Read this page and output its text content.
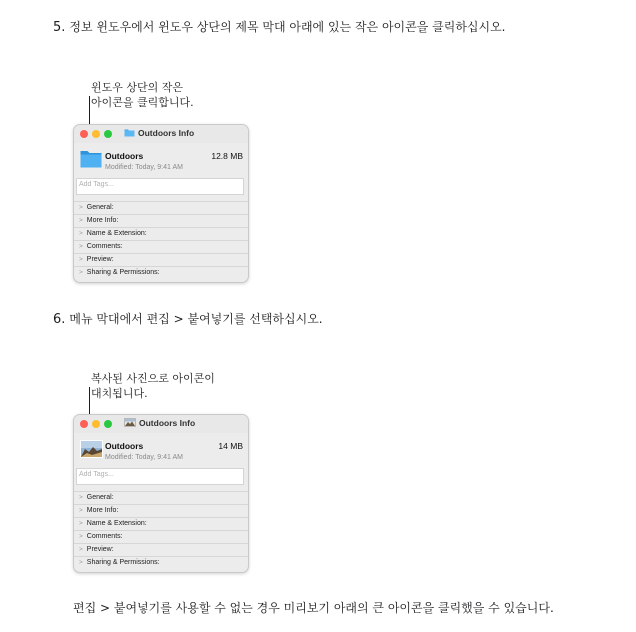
5. 정보 윈도우에서 윈도우 상단의 제목 막대 아래에 있는 작은 아이콘을 클릭하십시오.
윈도우 상단의 작은
아이콘을 클릭합니다.
Outdoors Info
Outdoors	12.8 MB
Modified: Today, 9:41 AM
Add Tags...
> General:
> More Info:
> Name & Extension:
> Comments:
> Preview:
> Sharing & Permissions:
6. 메뉴 막대에서 편집 > 붙여넣기를 선택하십시오.
복사된 사진으로 아이콘이
대치됩니다.
Outdoors Info
Outdoors	14 MB
Modified: Today, 9:41 AM
Add Tags...
> General:
> More Info:
> Name & Extension:
> Comments:
> Preview:
> Sharing & Permissions:
편집 > 붙여넣기를 사용할 수 없는 경우 미리보기 아래의 큰 아이콘을 클릭했을 수 있습니다.
